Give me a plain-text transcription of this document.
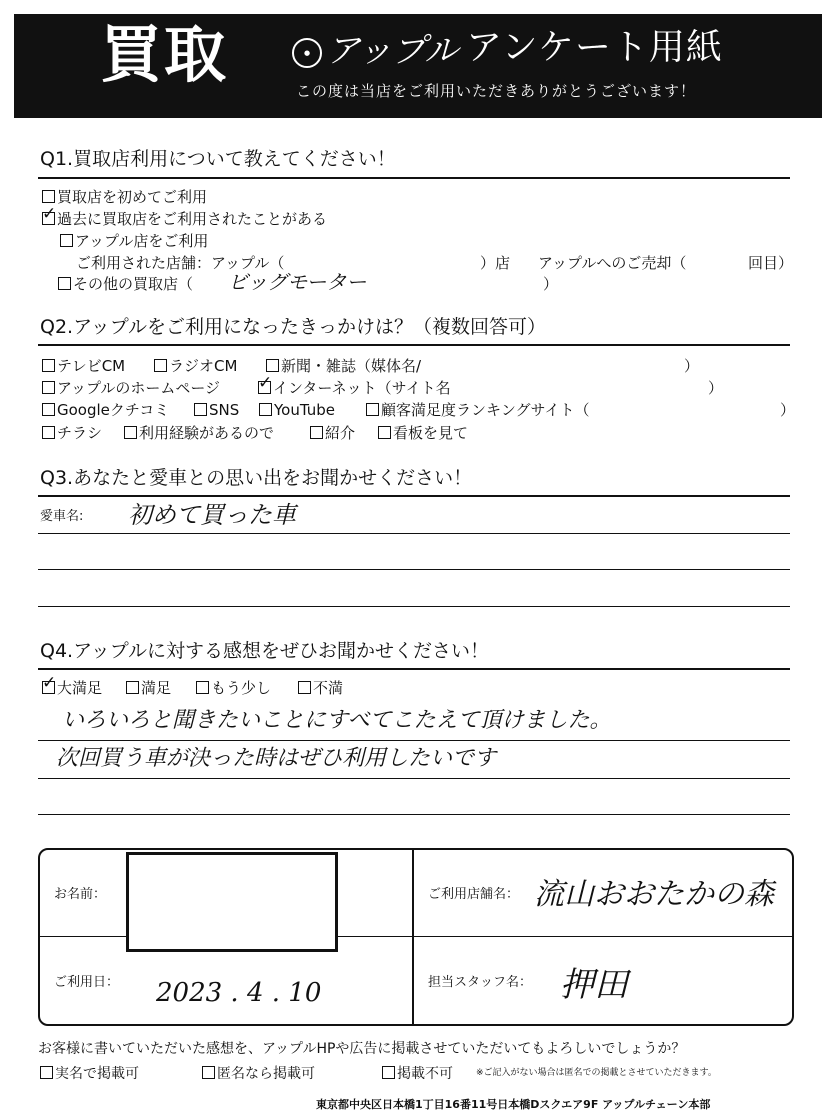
買取	● アップル アンケート用紙
この度は当店をご利用いただきありがとうございます！
Q1.買取店利用について教えてください！
買取店を初めてご利用
✓過去に買取店をご利用されたことがある
アップル店をご利用
ご利用された店舗：アップル（	）店 アップルへのご売却（	回目）
その他の買取店（ ビッグモーター	）
Q2.アップルをご利用になったきっかけは？（複数回答可）
テレビCM	ラジオCM	新聞・雑誌（媒体名/	）
アップルのホームページ
✓	インターネット（サイト名	）
Googleクチコミ	SNS	YouTube	顧客満足度ランキングサイト（	）
チラシ	利用経験があるので	紹介	看板を見て
Q3.あなたと愛車との思い出をお聞かせください！
愛車名: 初めて買った車
Q4.アップルに対する感想をぜひお聞かせください！
✓大満足	満足	もう少し	不満
いろいろと聞きたいことにすべてこたえて頂けました。
次回買う車が決った時はぜひ利用したいです
お名前：
ご利用日： 2023 . 4 . 10
ご利用店舗名： 流山おおたかの森
担当スタッフ名： 押田
お客様に書いていただいた感想を、アップルHPや広告に掲載させていただいてもよろしいでしょうか？
実名で掲載可	匿名なら掲載可	掲載不可	※ご記入がない場合は匿名での掲載とさせていただきます。
東京都中央区日本橋1丁目16番11号日本橋Dスクエア9F アップルチェーン本部
